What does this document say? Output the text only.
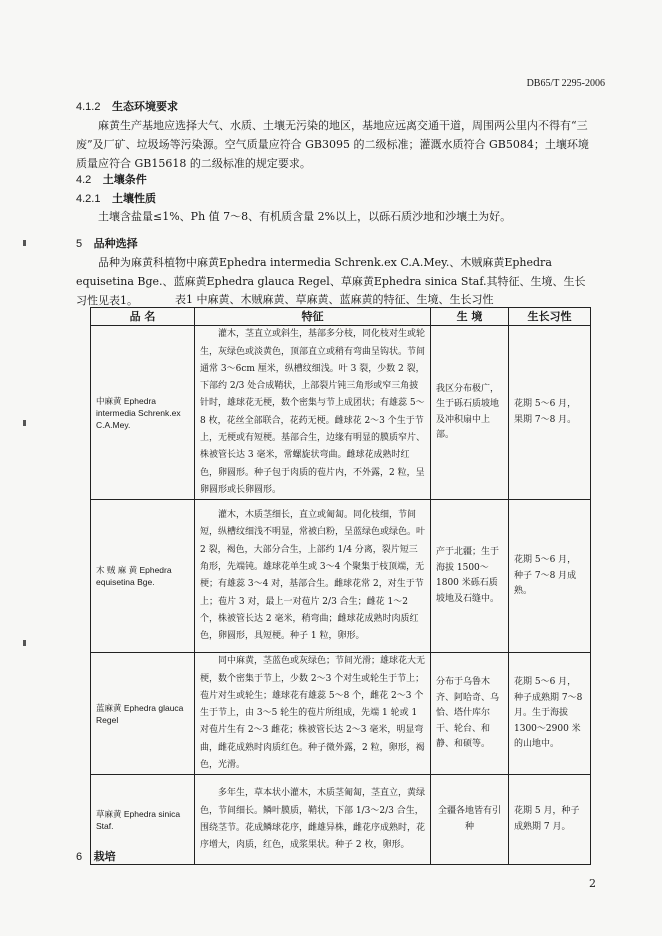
DB65/T 2295-2006
4.1.2 生态环境要求
麻黄生产基地应选择大气、水质、土壤无污染的地区，基地应远离交通干道，周围两公里内不得有“三废”及厂矿、垃圾场等污染源。空气质量应符合 GB3095 的二级标准；灌溉水质符合 GB5084；土壤环境质量应符合 GB15618 的二级标准的规定要求。
4.2 土壤条件
4.2.1 土壤性质
土壤含盐量≤1%、Ph 值 7～8、有机质含量 2%以上，以砾石质沙地和沙壤土为好。
5 品种选择
品种为麻黄科植物中麻黄Ephedra intermedia Schrenk.ex C.A.Mey.、木贼麻黄Ephedra equisetina Bge.、蓝麻黄Ephedra glauca Regel、草麻黄Ephedra sinica Staf.其特征、生境、生长习性见表1。	表1 中麻黄、木贼麻黄、草麻黄、蓝麻黄的特征、生境、生长习性
品 名	特征	生 境	生长习性
中麻黄 Ephedra intermedia Schrenk.ex C.A.Mey.	灌木，茎直立或斜生，基部多分枝，同化枝对生或轮生，灰绿色或淡黄色，顶部直立或稍有弯曲呈钩状。节间通常 3～6cm 厘米，纵槽纹细浅。叶 3 裂，少数 2 裂，下部约 2/3 处合成鞘状，上部裂片钝三角形或窄三角披针时，雄球花无梗，数个密集与节上成团状；有雄蕊 5～8 枚，花丝全部联合，花药无梗。雌球花 2～3 个生于节上，无梗或有短梗。基部合生，边缘有明显的膜质窄片、株被管长达 3 毫米，常螺旋状弯曲。雌球花成熟时红色，卵圆形。种子包于肉质的苞片内，不外露，2 粒，呈卵圆形或长卵圆形。	我区分布极广，生于砾石质坡地及冲积扇中上部。	花期 5～6 月，果期 7～8 月。
木 贼 麻 黄 Ephedra equisetina Bge.	灌木，木质茎细长，直立或匍匐。同化枝细，节间短，纵槽纹细浅不明显，常被白粉，呈蓝绿色或绿色。叶 2 裂，褐色，大部分合生，上部约 1/4 分离，裂片短三角形，先端钝。雄球花单生或 3～4 个聚集于枝顶端，无梗；有雄蕊 3～4 对，基部合生。雌球花常 2，对生于节上；苞片 3 对，最上一对苞片 2/3 合生；雌花 1～2 个，株被管长达 2 毫米，稍弯曲；雌球花成熟时肉质红色，卵圆形，具短梗。种子 1 粒，卵形。	产于北疆；生于海拔 1500～1800 米砾石质坡地及石缝中。	花期 5～6 月，种子 7～8 月成熟。
蓝麻黄 Ephedra glauca Regel	同中麻黄，茎蓝色或灰绿色；节间光滑；雄球花大无梗，数个密集于节上，少数 2～3 个对生或轮生于节上；苞片对生或轮生；雄球花有雄蕊 5～8 个，雌花 2～3 个生于节上，由 3～5 轮生的苞片所组成，先端 1 轮或 1 对苞片生有 2～3 雌花；株被管长达 2～3 毫米，明显弯曲，雌花成熟时肉质红色。种子微外露，2 粒，卵形，褐色，光滑。	分布于乌鲁木齐、阿哈奇、乌恰、塔什库尔干、轮台、和静、和硕等。	花期 5～6 月，种子成熟期 7～8 月。生于海拔 1300～2900 米的山地中。
草麻黄 Ephedra sinica Staf.	多年生，草本状小灌木，木质茎匍匐，茎直立，黄绿色，节间细长。鳞叶膜质，鞘状，下部 1/3～2/3 合生，围绕茎节。花成鳞球花序，雌雄异株，雌花序成熟时，花序增大，肉质，红色，成浆果状。种子 2 枚，卵形。	全疆各地皆有引种	花期 5 月，种子成熟期 7 月。
6 栽培
2
